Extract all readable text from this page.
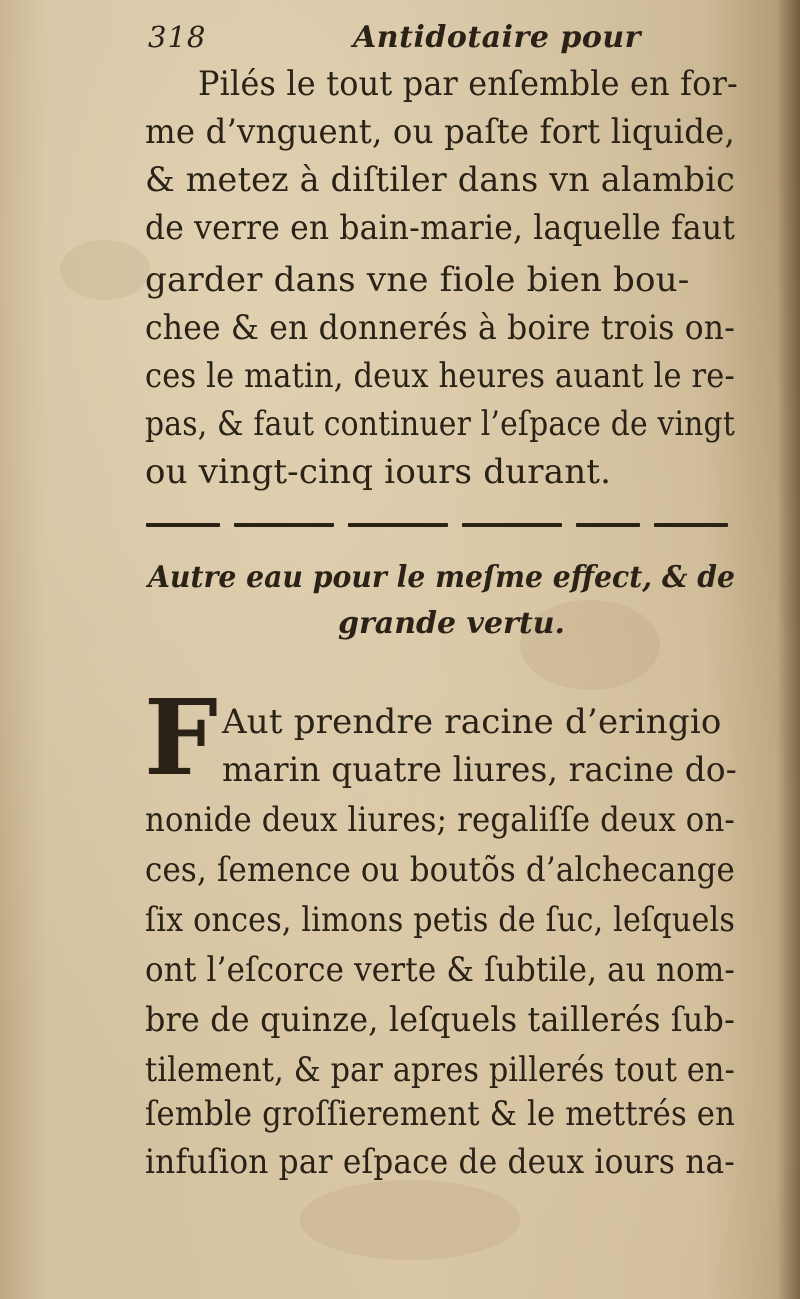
318	Antidotaire pour
Pilés le tout par enſemble en for-
me d’vnguent, ou paſte fort liquide,
& metez à diſtiler dans vn alambic
de verre en bain-marie, laquelle faut
garder dans vne fiole bien bou-
chee & en donnerés à boire trois on-
ces le matin, deux heures auant le re-
pas, & faut continuer l’eſpace de vingt
ou vingt-cinq iours durant.
Autre eau pour le meſme effect, & de
grande vertu.
F Aut prendre racine d’eringio
marin quatre liures, racine do-
nonide deux liures; regaliſſe deux on-
ces, ſemence ou boutõs d’alchecange
ſix onces, limons petis de ſuc, leſquels
ont l’eſcorce verte & ſubtile, au nom-
bre de quinze, leſquels taillerés ſub-
tilement, & par apres pillerés tout en-
ſemble groſſierement & le mettrés en
infuſion par eſpace de deux iours na-
